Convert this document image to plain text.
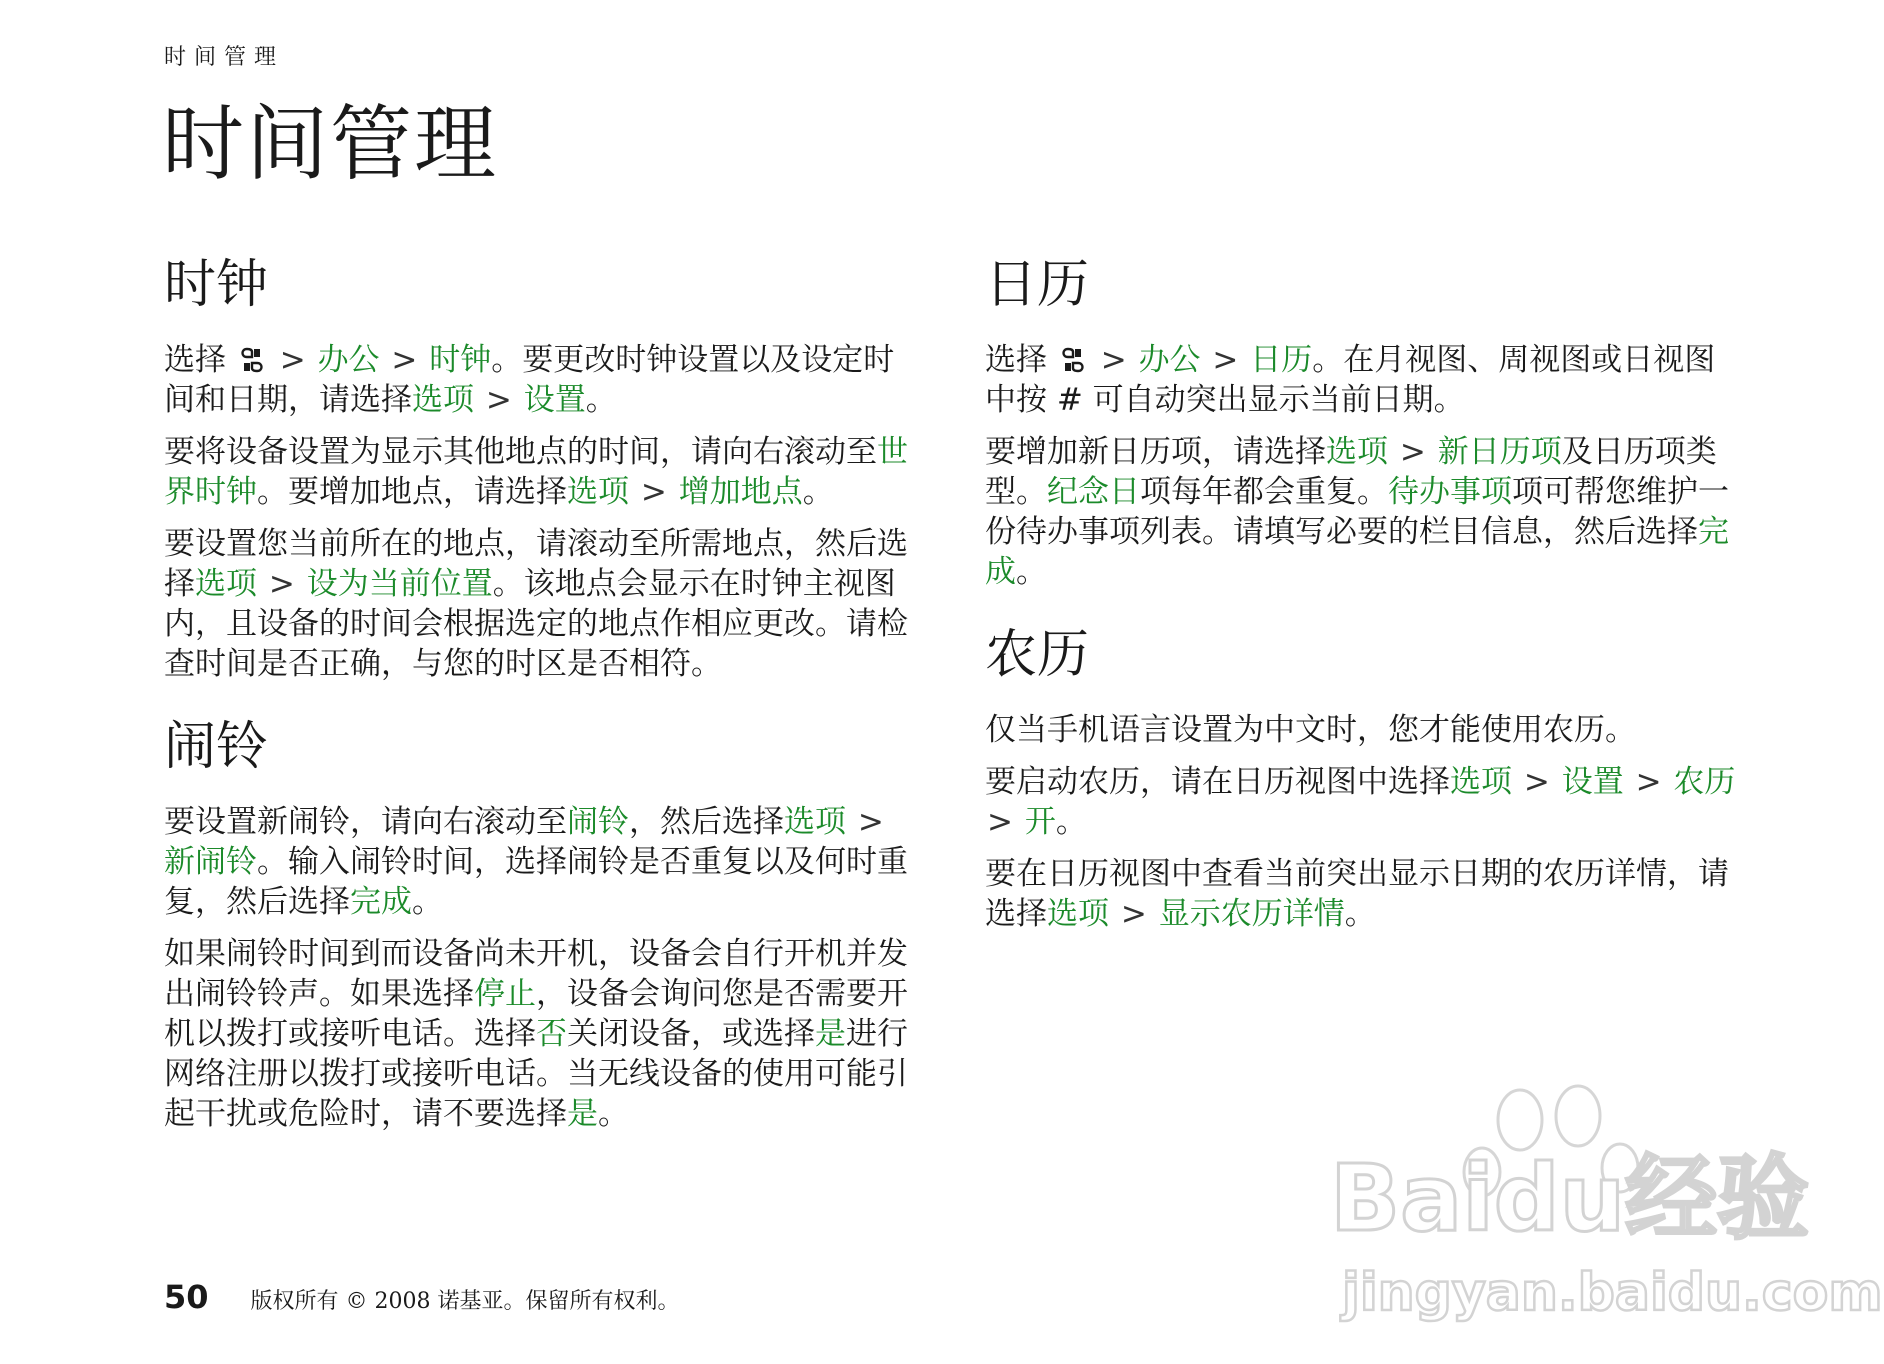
时间管理
时间管理
时钟

选择 > 办公 > 时钟。要更改时钟设置以及设定时间和日期，请选择选项 > 设置。

要将设备设置为显示其他地点的时间，请向右滚动至世界时钟。要增加地点，请选择选项 > 增加地点。

要设置您当前所在的地点，请滚动至所需地点，然后选择选项 > 设为当前位置。该地点会显示在时钟主视图内，且设备的时间会根据选定的地点作相应更改。请检查时间是否正确，与您的时区是否相符。

闹铃

要设置新闹铃，请向右滚动至闹铃，然后选择选项 > 新闹铃。输入闹铃时间，选择闹铃是否重复以及何时重复，然后选择完成。

如果闹铃时间到而设备尚未开机，设备会自行开机并发出闹铃铃声。如果选择停止，设备会询问您是否需要开机以拨打或接听电话。选择否关闭设备，或选择是进行网络注册以拨打或接听电话。当无线设备的使用可能引起干扰或危险时，请不要选择是。

日历

选择 > 办公 > 日历。在月视图、周视图或日视图中按 # 可自动突出显示当前日期。

要增加新日历项，请选择选项 > 新日历项及日历项类型。纪念日项每年都会重复。待办事项项可帮您维护一份待办事项列表。请填写必要的栏目信息，然后选择完成。

农历

仅当手机语言设置为中文时，您才能使用农历。

要启动农历，请在日历视图中选择选项 > 设置 > 农历 > 开。

要在日历视图中查看当前突出显示日期的农历详情，请选择选项 > 显示农历详情。

50 版权所有 © 2008 诺基亚。保留所有权利。
Baidu经验
jingyan.baidu.com
